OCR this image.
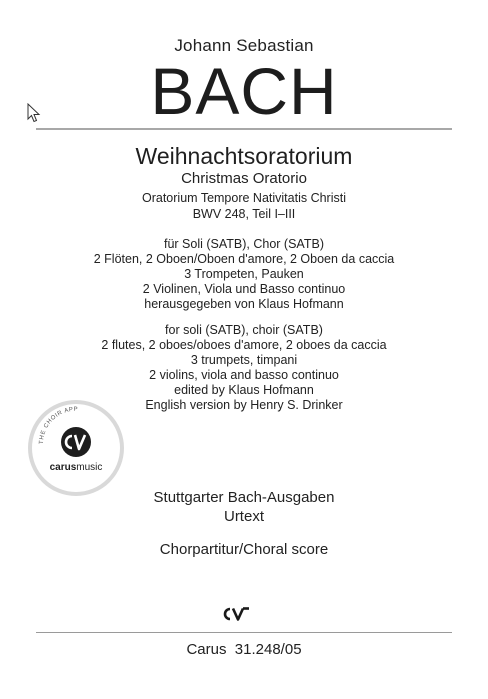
Johann Sebastian
BACH
Weihnachtsoratorium
Christmas Oratorio
Oratorium Tempore Nativitatis Christi
BWV 248, Teil I–III
für Soli (SATB), Chor (SATB)
2 Flöten, 2 Oboen/Oboen d'amore, 2 Oboen da caccia
3 Trompeten, Pauken
2 Violinen, Viola und Basso continuo
herausgegeben von Klaus Hofmann
for soli (SATB), choir (SATB)
2 flutes, 2 oboes/oboes d'amore, 2 oboes da caccia
3 trumpets, timpani
2 violins, viola and basso continuo
edited by Klaus Hofmann
English version by Henry S. Drinker
THE CHOIR APP
carusmusic
Stuttgarter Bach-Ausgaben
Urtext
Chorpartitur/Choral score
Carus  31.248/05
